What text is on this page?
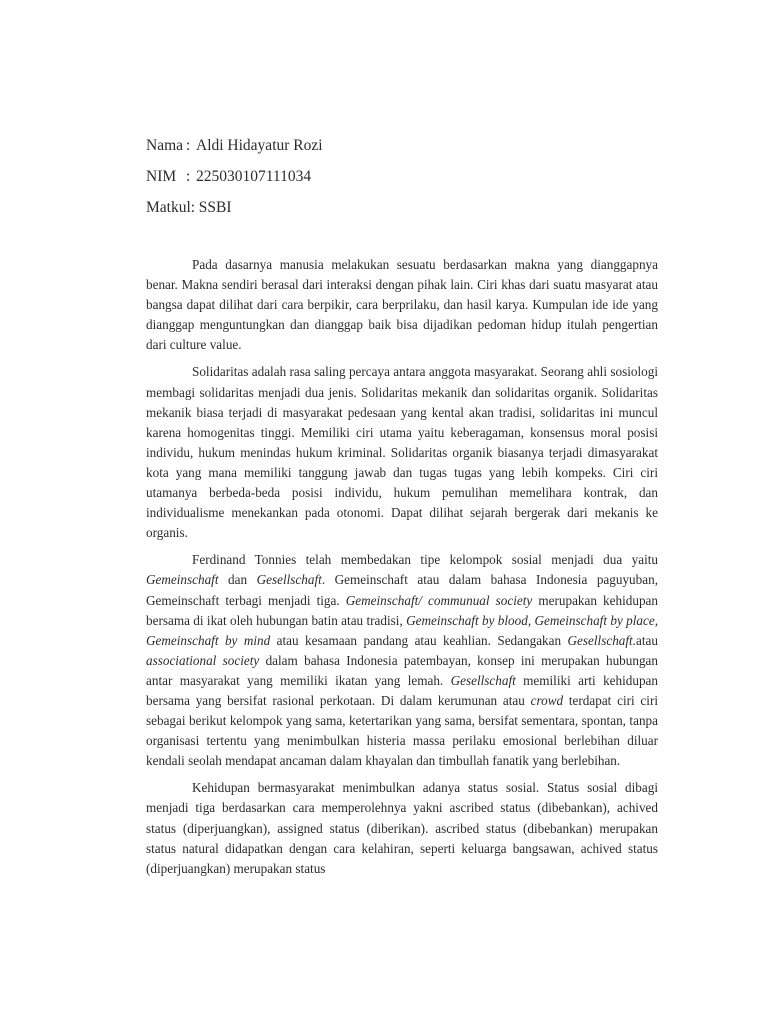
Nama : Aldi Hidayatur Rozi
NIM : 225030107111034
Matkul : SSBI

Pada dasarnya manusia melakukan sesuatu berdasarkan makna yang dianggapnya benar. Makna sendiri berasal dari interaksi dengan pihak lain. Ciri khas dari suatu masyarat atau bangsa dapat dilihat dari cara berpikir, cara berprilaku, dan hasil karya. Kumpulan ide ide yang dianggap menguntungkan dan dianggap baik bisa dijadikan pedoman hidup itulah pengertian dari culture value.

Solidaritas adalah rasa saling percaya antara anggota masyarakat. Seorang ahli sosiologi membagi solidaritas menjadi dua jenis. Solidaritas mekanik dan solidaritas organik. Solidaritas mekanik biasa terjadi di masyarakat pedesaan yang kental akan tradisi, solidaritas ini muncul karena homogenitas tinggi. Memiliki ciri utama yaitu keberagaman, konsensus moral posisi individu, hukum menindas hukum kriminal. Solidaritas organik biasanya terjadi dimasyarakat kota yang mana memiliki tanggung jawab dan tugas tugas yang lebih kompeks. Ciri ciri utamanya berbeda-beda posisi individu, hukum pemulihan memelihara kontrak, dan individualisme menekankan pada otonomi. Dapat dilihat sejarah bergerak dari mekanis ke organis.

Ferdinand Tonnies telah membedakan tipe kelompok sosial menjadi dua yaitu Gemeinschaft dan Gesellschaft. Gemeinschaft atau dalam bahasa Indonesia paguyuban, Gemeinschaft terbagi menjadi tiga. Gemeinschaft/ communual society merupakan kehidupan bersama di ikat oleh hubungan batin atau tradisi, Gemeinschaft by blood, Gemeinschaft by place, Gemeinschaft by mind atau kesamaan pandang atau keahlian. Sedangakan Gesellschaft.atau associational society dalam bahasa Indonesia patembayan, konsep ini merupakan hubungan antar masyarakat yang memiliki ikatan yang lemah. Gesellschaft memiliki arti kehidupan bersama yang bersifat rasional perkotaan. Di dalam kerumunan atau crowd terdapat ciri ciri sebagai berikut kelompok yang sama, ketertarikan yang sama, bersifat sementara, spontan, tanpa organisasi tertentu yang menimbulkan histeria massa perilaku emosional berlebihan diluar kendali seolah mendapat ancaman dalam khayalan dan timbullah fanatik yang berlebihan.

Kehidupan bermasyarakat menimbulkan adanya status sosial. Status sosial dibagi menjadi tiga berdasarkan cara memperolehnya yakni ascribed status (dibebankan), achived status (diperjuangkan), assigned status (diberikan). ascribed status (dibebankan) merupakan status natural didapatkan dengan cara kelahiran, seperti keluarga bangsawan, achived status (diperjuangkan) merupakan status
